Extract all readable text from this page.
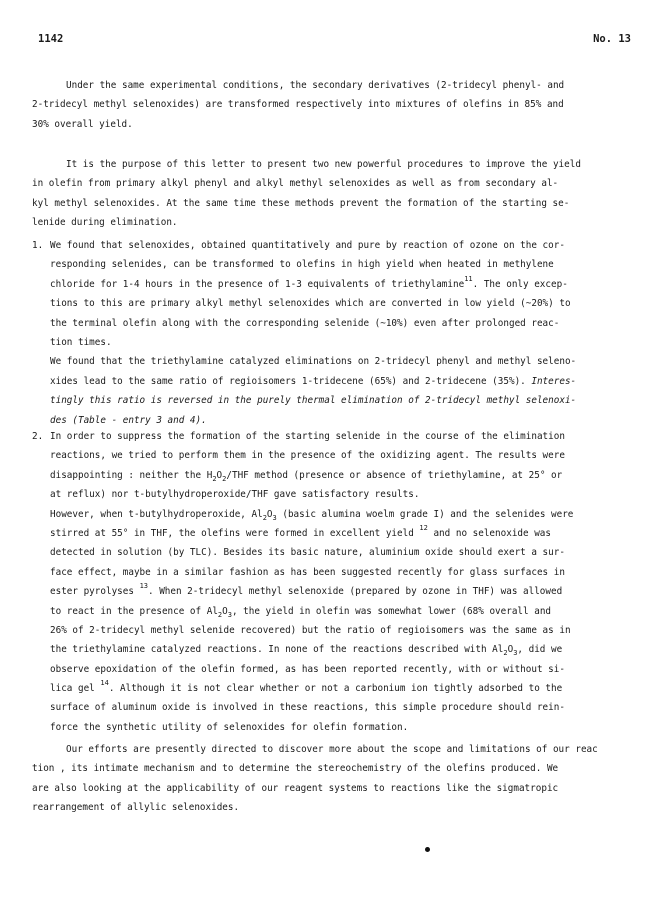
1142	No. 13
Under the same experimental conditions, the secondary derivatives (2-tridecyl phenyl- and
2-tridecyl methyl selenoxides) are transformed respectively into mixtures of olefins in 85% and
30% overall yield.
It is the purpose of this letter to present two new powerful procedures to improve the yield
in olefin from primary alkyl phenyl and alkyl methyl selenoxides as well as from secondary al-
kyl methyl selenoxides. At the same time these methods prevent the formation of the starting se-
lenide during elimination.
1. We found that selenoxides, obtained quantitatively and pure by reaction of ozone on the cor-
responding selenides, can be transformed to olefins in high yield when heated in methylene
chloride for 1-4 hours in the presence of 1-3 equivalents of triethylamine$^{11}$. The only excep-
tions to this are primary alkyl methyl selenoxides which are converted in low yield (~20%) to
the terminal olefin along with the corresponding selenide (~10%) even after prolonged reac-
tion times.
We found that the triethylamine catalyzed eliminations on 2-tridecyl phenyl and methyl seleno-
xides lead to the same ratio of regioisomers 1-tridecene (65%) and 2-tridecene (35%). Interes-
tingly this ratio is reversed in the purely thermal elimination of 2-tridecyl methyl selenoxi-
des (Table - entry 3 and 4).
2. In order to suppress the formation of the starting selenide in the course of the elimination
reactions, we tried to perform them in the presence of the oxidizing agent. The results were
disappointing : neither the $H_2O_2$/THF method (presence or absence of triethylamine, at 25° or
at reflux) nor t-butylhydroperoxide/THF gave satisfactory results.
However, when t-butylhydroperoxide, $Al_2O_3$ (basic alumina woelm grade I) and the selenides were
stirred at 55° in THF, the olefins were formed in excellent yield $^{12}$ and no selenoxide was
detected in solution (by TLC). Besides its basic nature, aluminium oxide should exert a sur-
face effect, maybe in a similar fashion as has been suggested recently for glass surfaces in
ester pyrolyses $^{13}$. When 2-tridecyl methyl selenoxide (prepared by ozone in THF) was allowed
to react in the presence of $Al_2O_3$, the yield in olefin was somewhat lower (68% overall and
26% of 2-tridecyl methyl selenide recovered) but the ratio of regioisomers was the same as in
the triethylamine catalyzed reactions. In none of the reactions described with $Al_2O_3$, did we
observe epoxidation of the olefin formed, as has been reported recently, with or without si-
lica gel $^{14}$. Although it is not clear whether or not a carbonium ion tightly adsorbed to the
surface of aluminum oxide is involved in these reactions, this simple procedure should rein-
force the synthetic utility of selenoxides for olefin formation.
Our efforts are presently directed to discover more about the scope and limitations of our reac
tion , its intimate mechanism and to determine the stereochemistry of the olefins produced. We
are also looking at the applicability of our reagent systems to reactions like the sigmatropic
rearrangement of allylic selenoxides.
